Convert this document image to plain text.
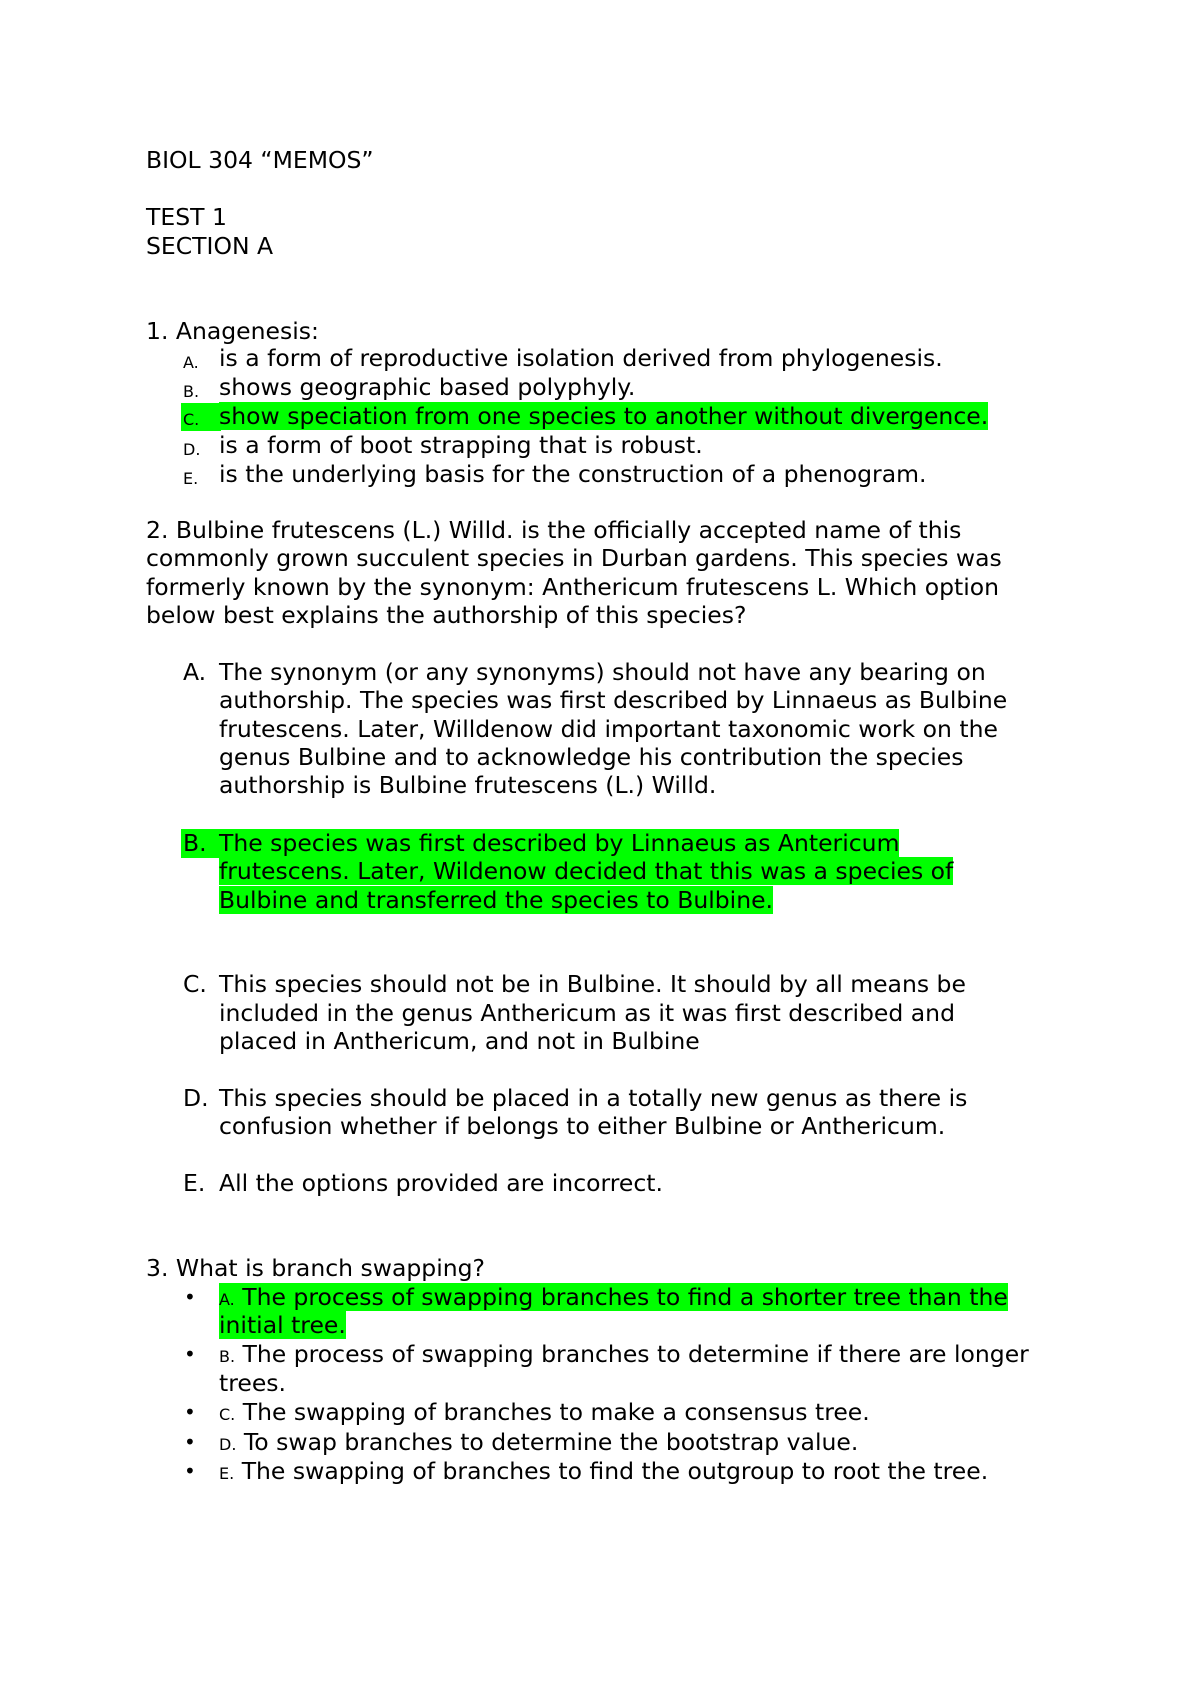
BIOL 304 “MEMOS”
TEST 1
SECTION A
1. Anagenesis:
A. is a form of reproductive isolation derived from phylogenesis.
B. shows geographic based polyphyly.
C. show speciation from one species to another without divergence.
D. is a form of boot strapping that is robust.
E. is the underlying basis for the construction of a phenogram.
2. Bulbine frutescens (L.) Willd. is the officially accepted name of this
commonly grown succulent species in Durban gardens. This species was
formerly known by the synonym: Anthericum frutescens L. Which option
below best explains the authorship of this species?
A. The synonym (or any synonyms) should not have any bearing on
authorship. The species was first described by Linnaeus as Bulbine
frutescens. Later, Willdenow did important taxonomic work on the
genus Bulbine and to acknowledge his contribution the species
authorship is Bulbine frutescens (L.) Willd.
B. The species was first described by Linnaeus as Antericum
frutescens. Later, Wildenow decided that this was a species of
Bulbine and transferred the species to Bulbine.
C. This species should not be in Bulbine. It should by all means be
included in the genus Anthericum as it was first described and
placed in Anthericum, and not in Bulbine
D. This species should be placed in a totally new genus as there is
confusion whether if belongs to either Bulbine or Anthericum.
E. All the options provided are incorrect.
3. What is branch swapping?
• A. The process of swapping branches to find a shorter tree than the
initial tree.
• B. The process of swapping branches to determine if there are longer
trees.
• C. The swapping of branches to make a consensus tree.
• D. To swap branches to determine the bootstrap value.
• E. The swapping of branches to find the outgroup to root the tree.
